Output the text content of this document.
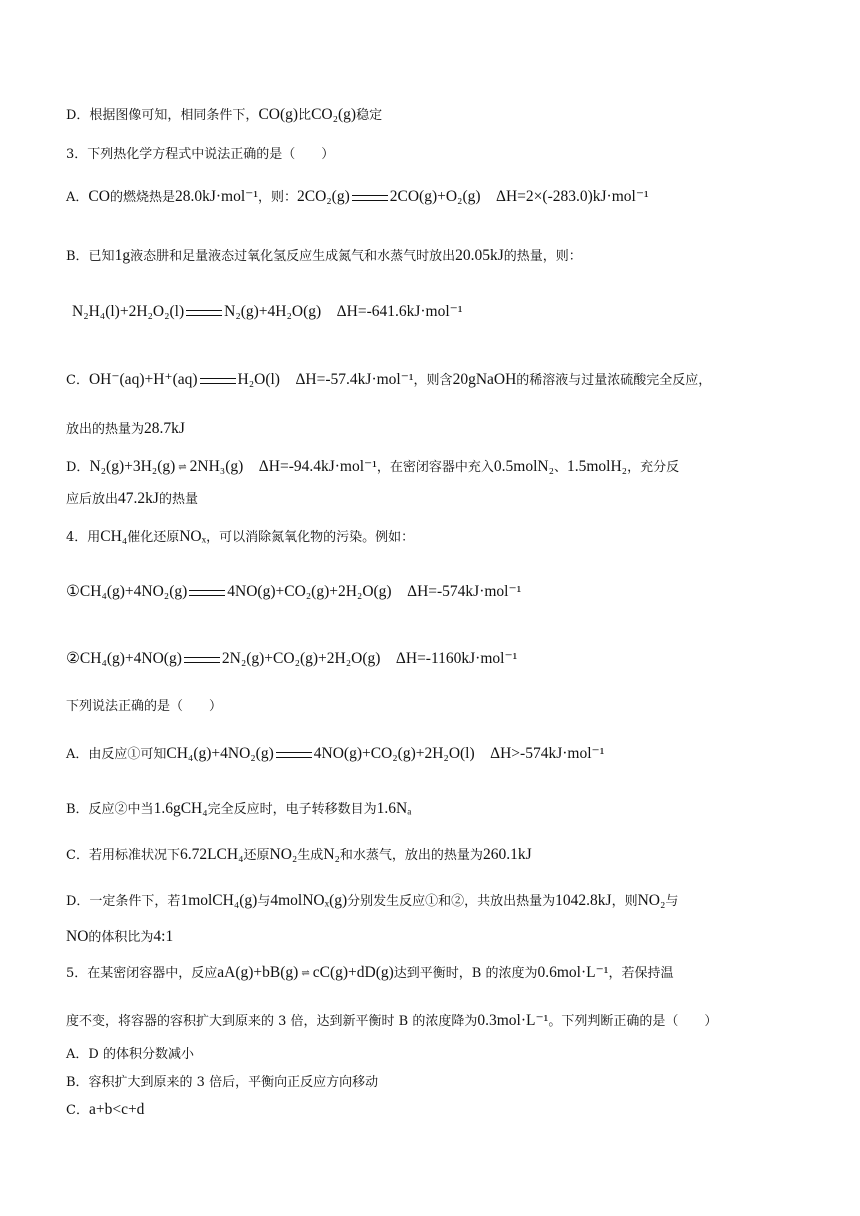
D．根据图像可知，相同条件下，CO(g)比CO₂(g)稳定
3．下列热化学方程式中说法正确的是（　　）
A．CO的燃烧热是28.0kJ·mol⁻¹，则：2CO₂(g)	2CO(g)+O₂(g)　ΔH=2×(-283.0)kJ·mol⁻¹
B．已知1g液态肼和足量液态过氧化氢反应生成氮气和水蒸气时放出20.05kJ的热量，则：
N₂H₄(l)+2H₂O₂(l)	N₂(g)+4H₂O(g)　ΔH=-641.6kJ·mol⁻¹
C．OH⁻(aq)+H⁺(aq)	H₂O(l)　ΔH=-57.4kJ·mol⁻¹，则含20gNaOH的稀溶液与过量浓硫酸完全反应，
放出的热量为28.7kJ
D．N₂(g)+3H₂(g) ⇌ 2NH₃(g)　ΔH=-94.4kJ·mol⁻¹，在密闭容器中充入0.5molN₂、1.5molH₂，充分反
应后放出47.2kJ的热量
4．用CH₄催化还原NOₓ，可以消除氮氧化物的污染。例如：
①CH₄(g)+4NO₂(g)	4NO(g)+CO₂(g)+2H₂O(g)　ΔH=-574kJ·mol⁻¹
②CH₄(g)+4NO(g)	2N₂(g)+CO₂(g)+2H₂O(g)　ΔH=-1160kJ·mol⁻¹
下列说法正确的是（　　）
A．由反应①可知CH₄(g)+4NO₂(g)	4NO(g)+CO₂(g)+2H₂O(l)　ΔH>-574kJ·mol⁻¹
B．反应②中当1.6gCH₄完全反应时，电子转移数目为1.6Nₐ
C．若用标准状况下6.72LCH₄还原NO₂生成N₂和水蒸气，放出的热量为260.1kJ
D．一定条件下，若1molCH₄(g)与4molNOₓ(g)分别发生反应①和②，共放出热量为1042.8kJ，则NO₂与
NO的体积比为4:1
5．在某密闭容器中，反应aA(g)+bB(g) ⇌ cC(g)+dD(g)达到平衡时，B 的浓度为0.6mol·L⁻¹，若保持温
度不变，将容器的容积扩大到原来的 3 倍，达到新平衡时 B 的浓度降为0.3mol·L⁻¹。下列判断正确的是（　　）
A．D 的体积分数减小
B．容积扩大到原来的 3 倍后，平衡向正反应方向移动
C．a+b<c+d
